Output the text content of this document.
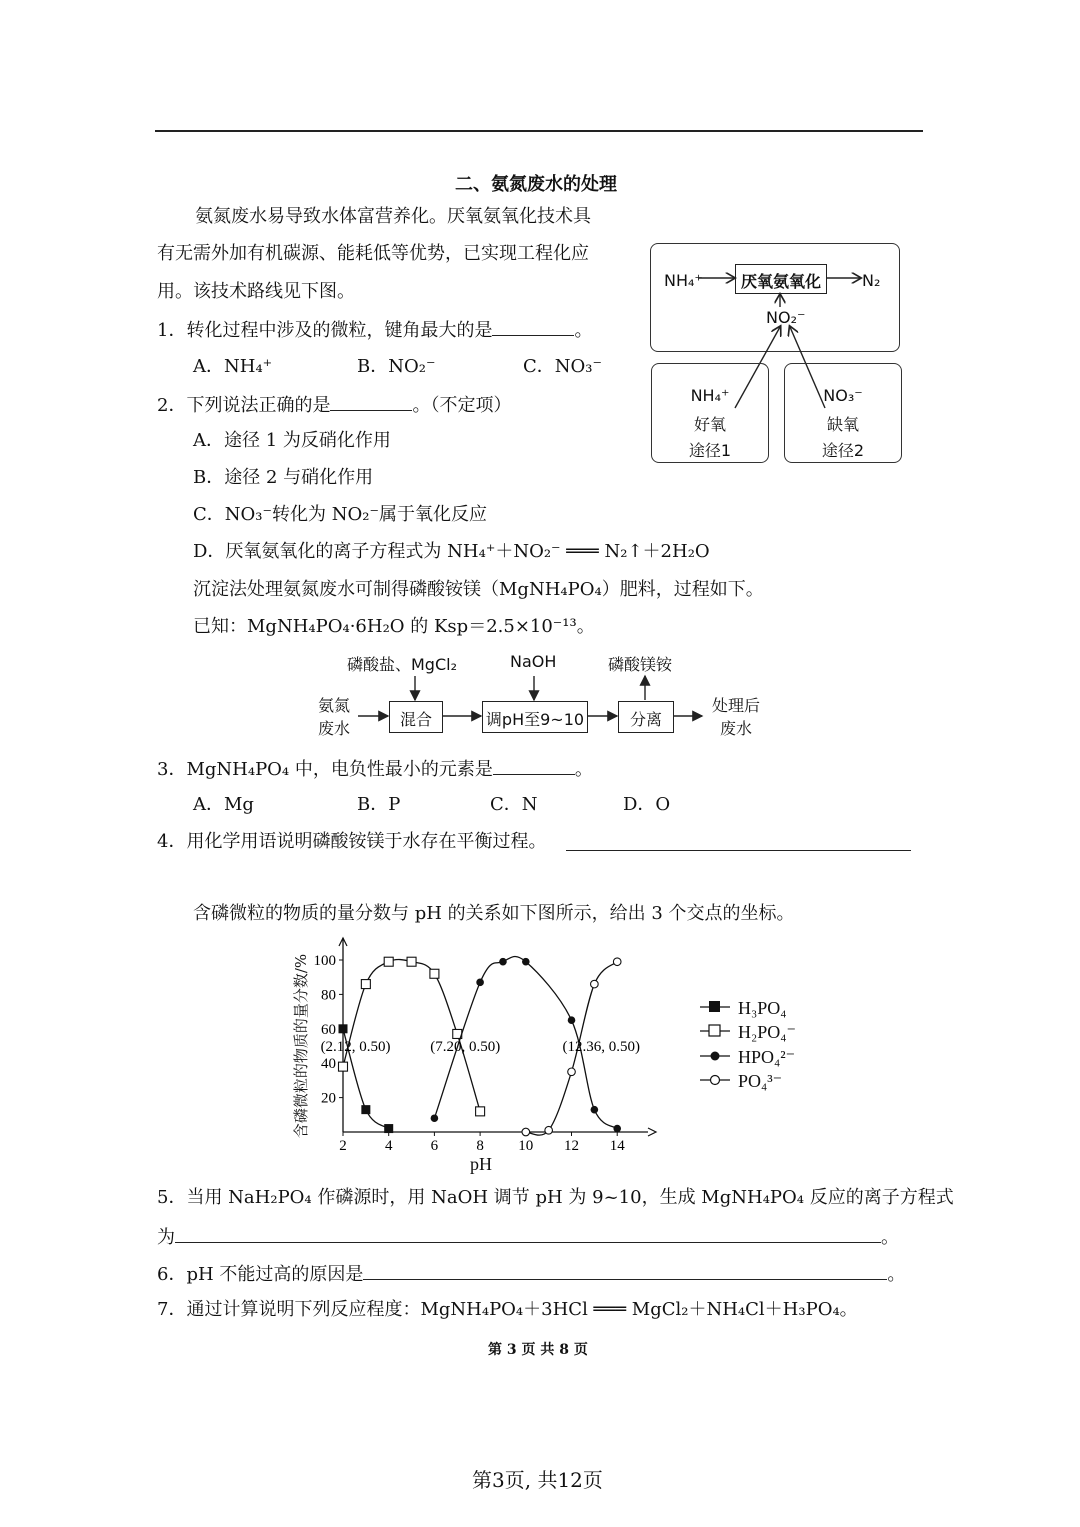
二、氨氮废水的处理
氨氮废水易导致水体富营养化。厌氧氨氧化技术具
有无需外加有机碳源、能耗低等优势，已实现工程化应
用。该技术路线见下图。
1．转化过程中涉及的微粒，键角最大的是	。
A．NH₄⁺	B．NO₂⁻	C．NO₃⁻
2．下列说法正确的是	。（不定项）
A．途径 1 为反硝化作用
B．途径 2 与硝化作用
C．NO₃⁻转化为 NO₂⁻属于氧化反应
D．厌氧氨氧化的离子方程式为 NH₄⁺＋NO₂⁻ ═══ N₂↑＋2H₂O
NH₄⁺	厌氧氨氧化	N₂
NO₂⁻
NH₄⁺
好氧
途径1
NO₃⁻
缺氧
途径2
沉淀法处理氨氮废水可制得磷酸铵镁（MgNH₄PO₄）肥料，过程如下。
已知：MgNH₄PO₄·6H₂O 的 Ksp＝2.5×10⁻¹³。
磷酸盐、MgCl₂	NaOH	磷酸镁铵
氨氮
废水	混合	调pH至9~10	分离
处理后
废水
3．MgNH₄PO₄ 中，电负性最小的元素是	。
A．Mg	B．P	C．N	D．O
4．用化学用语说明磷酸铵镁于水存在平衡过程。
含磷微粒的物质的量分数与 pH 的关系如下图所示，给出 3 个交点的坐标。
2	4	6	8 10 12 14
20
40
60
80
100
(2.12, 0.50)	(7.20, 0.50)	(12.36, 0.50)
pH
含磷微粒的物质的量分数/%	H₃PO₄
H₂PO₄⁻
HPO₄²⁻
PO₄³⁻
5．当用 NaH₂PO₄ 作磷源时，用 NaOH 调节 pH 为 9~10，生成 MgNH₄PO₄ 反应的离子方程式
为	。
6．pH 不能过高的原因是	。
7．通过计算说明下列反应程度：MgNH₄PO₄＋3HCl ═══ MgCl₂＋NH₄Cl＋H₃PO₄。
第 3 页 共 8 页
第3页, 共12页
